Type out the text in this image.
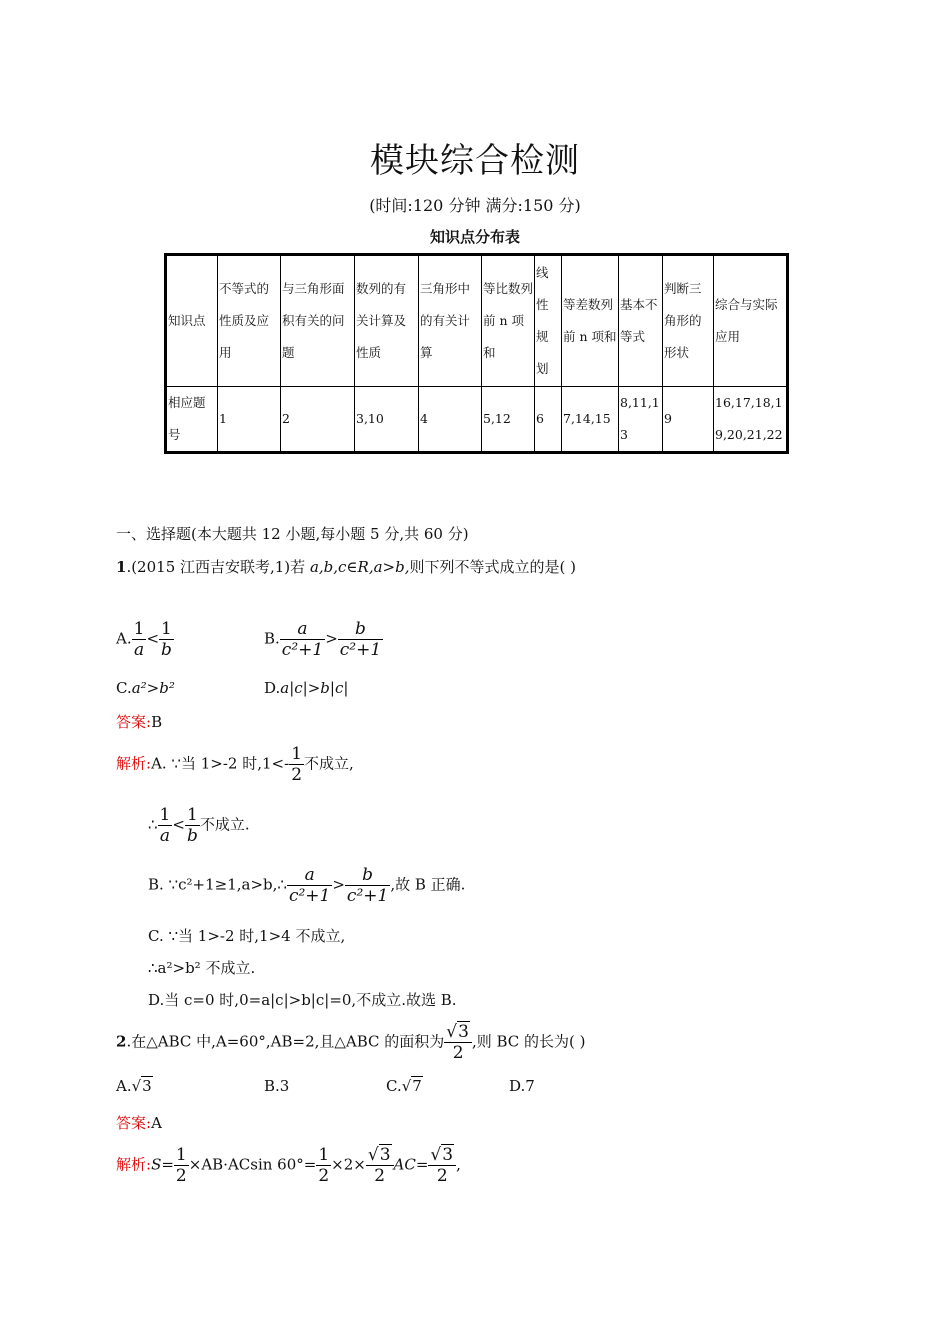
模块综合检测
(时间:120 分钟 满分:150 分)
知识点分布表
知识点	不等式的性质及应用	与三角形面积有关的问题	数列的有关计算及性质	三角形中的有关计算	等比数列前 n 项和	线性规划	等差数列前 n 项和	基本不等式	判断三角形的形状	综合与实际应用
相应题号	1	2	3,10	4	5,12	6	7,14,15	8,11,13	9	16,17,18,19,20,21,22
一、选择题(本大题共 12 小题,每小题 5 分,共 60 分)
1.(2015 江西吉安联考,1)若 a,b,c∈R,a>b,则下列不等式成立的是( )
A. $\frac{1}{a} < \frac{1}{b}$	B. $\frac{a}{\text{c²+1}} > \frac{b}{\text{c²+1}}$
C.a²>b²	D.a|c|>b|c|
答案:B
解析:A. ∵当 1>-2 时$,1<- \frac{1}{2}$ 不成立,
∴ $\frac{1}{a} < \frac{1}{b}$ 不成立.
B. ∵c²+1≥1,a>b,∴ $\frac{a}{\text{c²+1}} > \frac{b}{\text{c²+1}}$ ,故 B 正确.
C. ∵当 1>-2 时,1>4 不成立,
∴a²>b² 不成立.
D.当 c=0 时,0=a|c|>b|c|=0,不成立.故选 B.
2.在△ABC 中,A=60°,AB=2,且△ABC 的面积为 $\frac{√3}{2}$ ,则 BC 的长为( )
A.√3	B.3	C.√7	D.7
答案:A
解析:S= $\frac{1}{2} \times AB\cdot ACsin$ $60^\circ= \frac{1}{2} \times 2\times \frac{√3}{2} AC= \frac{√3}{2}$ ,
